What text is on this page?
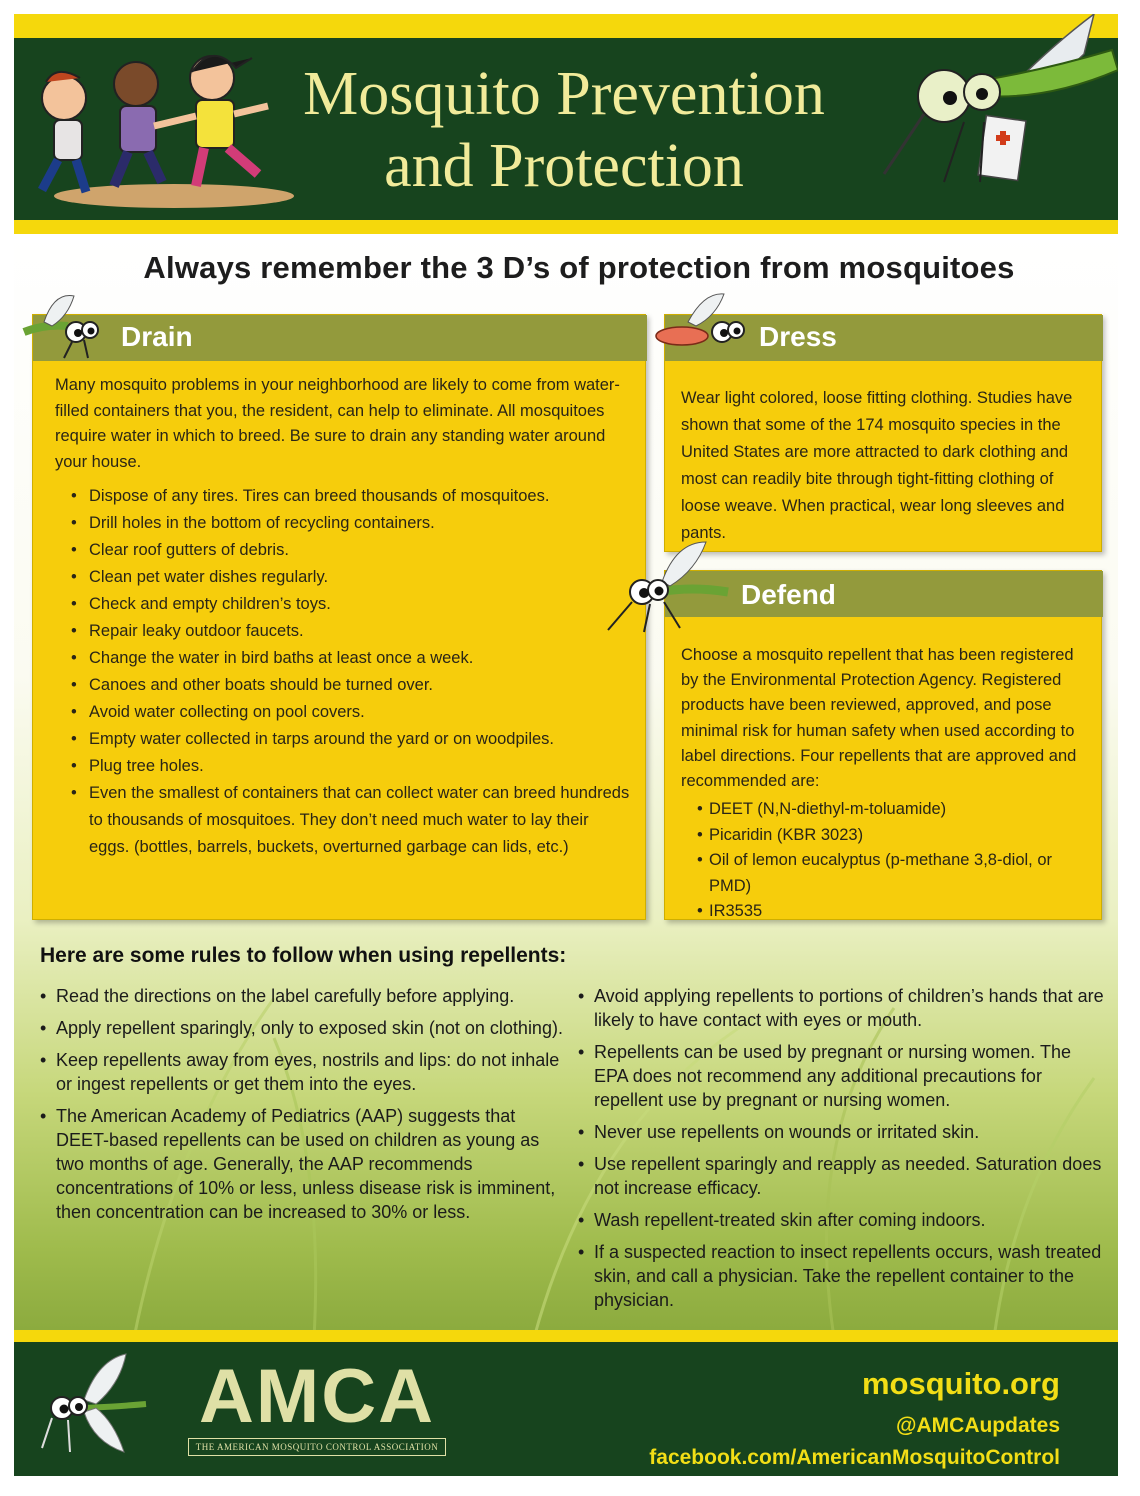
Mosquito Prevention
and Protection
Always remember the 3 D’s of protection from mosquitoes
Drain

Many mosquito problems in your neighborhood are likely to come from water-filled containers that you, the resident, can help to eliminate. All mosquitoes require water in which to breed. Be sure to drain any standing water around your house.

• Dispose of any tires. Tires can breed thousands of mosquitoes.
• Drill holes in the bottom of recycling containers.
• Clear roof gutters of debris.
• Clean pet water dishes regularly.
• Check and empty children’s toys.
• Repair leaky outdoor faucets.
• Change the water in bird baths at least once a week.
• Canoes and other boats should be turned over.
• Avoid water collecting on pool covers.
• Empty water collected in tarps around the yard or on woodpiles.
• Plug tree holes.
• Even the smallest of containers that can collect water can breed hundreds to thousands of mosquitoes. They don’t need much water to lay their eggs. (bottles, barrels, buckets, overturned garbage can lids, etc.)
Dress

Wear light colored, loose fitting clothing. Studies have shown that some of the 174 mosquito species in the United States are more attracted to dark clothing and most can readily bite through tight-fitting clothing of loose weave. When practical, wear long sleeves and pants.

Defend

Choose a mosquito repellent that has been registered by the Environmental Protection Agency. Registered products have been reviewed, approved, and pose minimal risk for human safety when used according to label directions. Four repellents that are approved and recommended are:

• DEET (N,N-diethyl-m-toluamide)
• Picaridin (KBR 3023)
• Oil of lemon eucalyptus (p-methane 3,8-diol, or PMD)
• IR3535
Here are some rules to follow when using repellents:
• Read the directions on the label carefully before applying.
• Apply repellent sparingly, only to exposed skin (not on clothing).
• Keep repellents away from eyes, nostrils and lips: do not inhale or ingest repellents or get them into the eyes.
• The American Academy of Pediatrics (AAP) suggests that DEET-based repellents can be used on children as young as two months of age. Generally, the AAP recommends concentrations of 10% or less, unless disease risk is imminent, then concentration can be increased to 30% or less.
• Avoid applying repellents to portions of children’s hands that are likely to have contact with eyes or mouth.
• Repellents can be used by pregnant or nursing women. The EPA does not recommend any additional precautions for repellent use by pregnant or nursing women.
• Never use repellents on wounds or irritated skin.
• Use repellent sparingly and reapply as needed. Saturation does not increase efficacy.
• Wash repellent-treated skin after coming indoors.
• If a suspected reaction to insect repellents occurs, wash treated skin, and call a physician. Take the repellent container to the physician.
AMCA
THE AMERICAN MOSQUITO CONTROL ASSOCIATION
mosquito.org
@AMCAupdates
facebook.com/AmericanMosquitoControl
